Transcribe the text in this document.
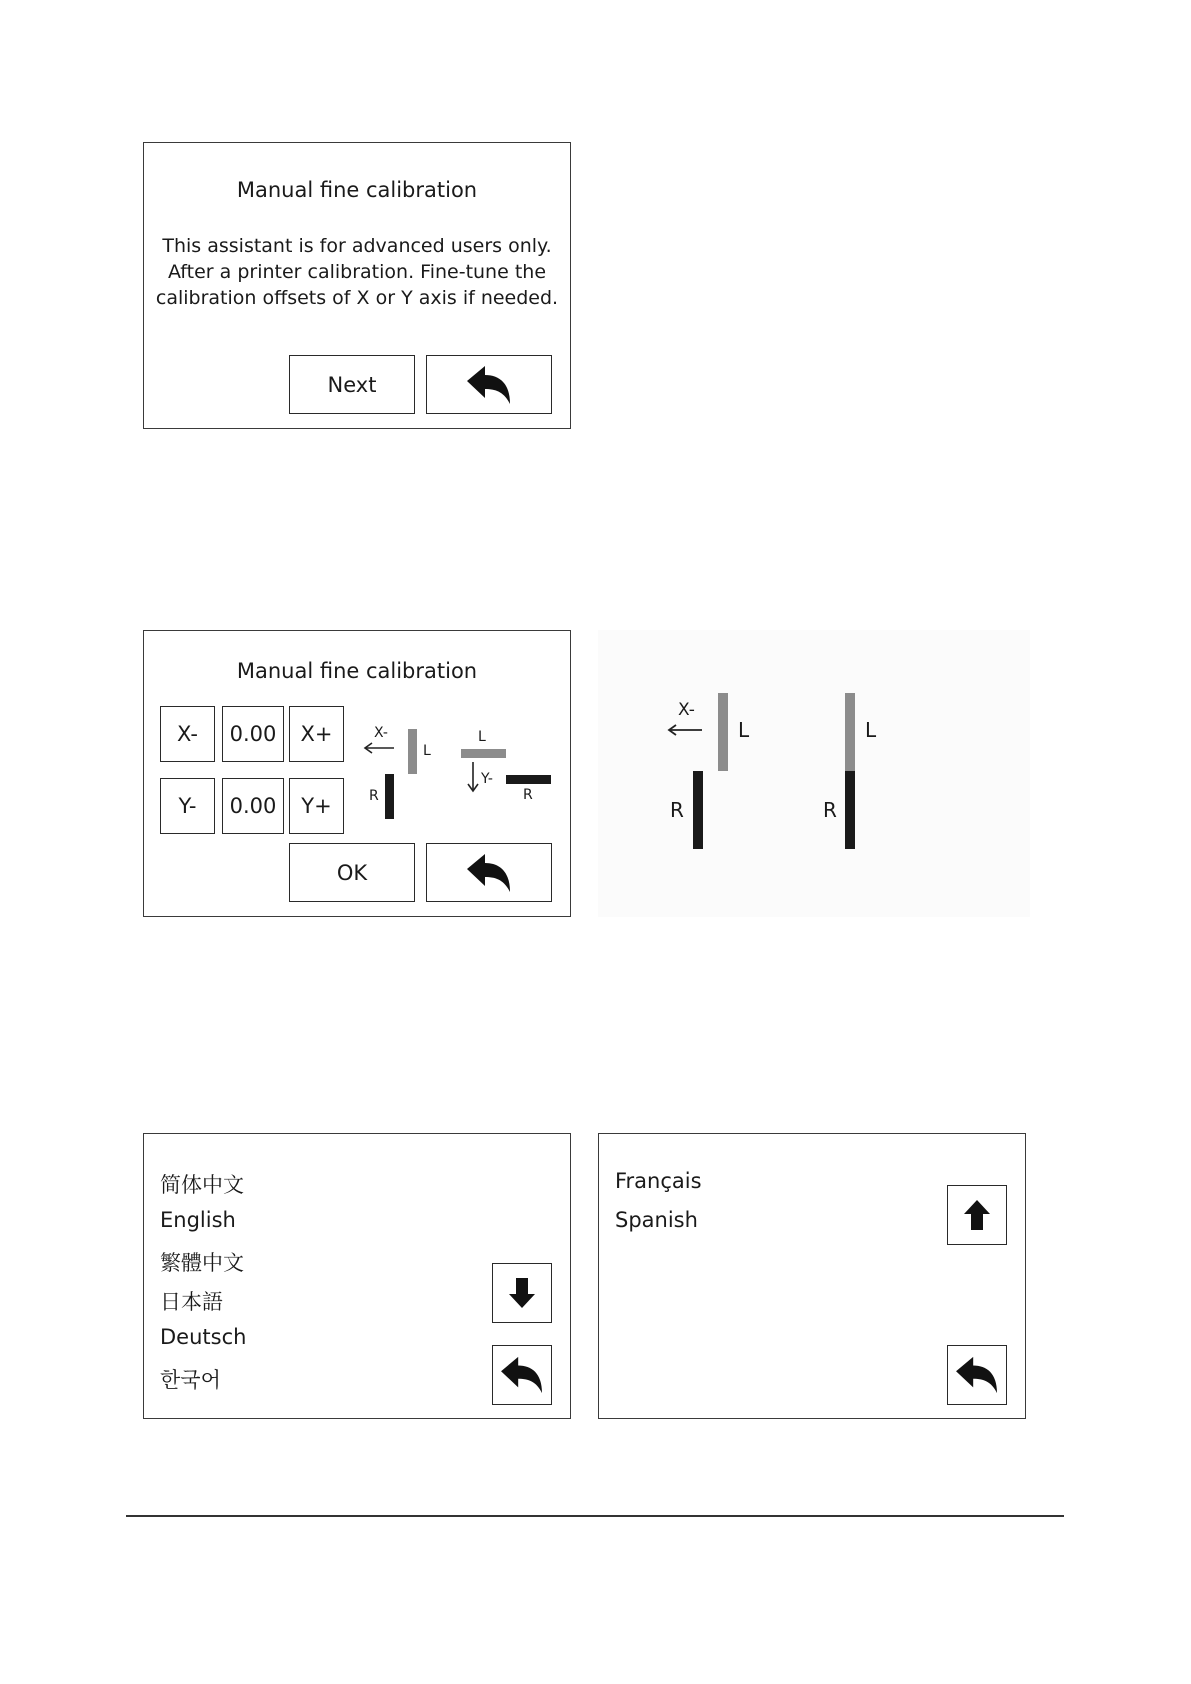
Manual fine calibration
This assistant is for advanced users only.
After a printer calibration. Fine-tune the
calibration offsets of X or Y axis if needed.
Next
Manual fine calibration
X-	0.00	X+
Y-	0.00	Y+
X-
L
R
L
Y-
R
OK
X-
L
R
L
R
简体中文
English
繁體中文
日本語
Deutsch
한국어
Français
Spanish
